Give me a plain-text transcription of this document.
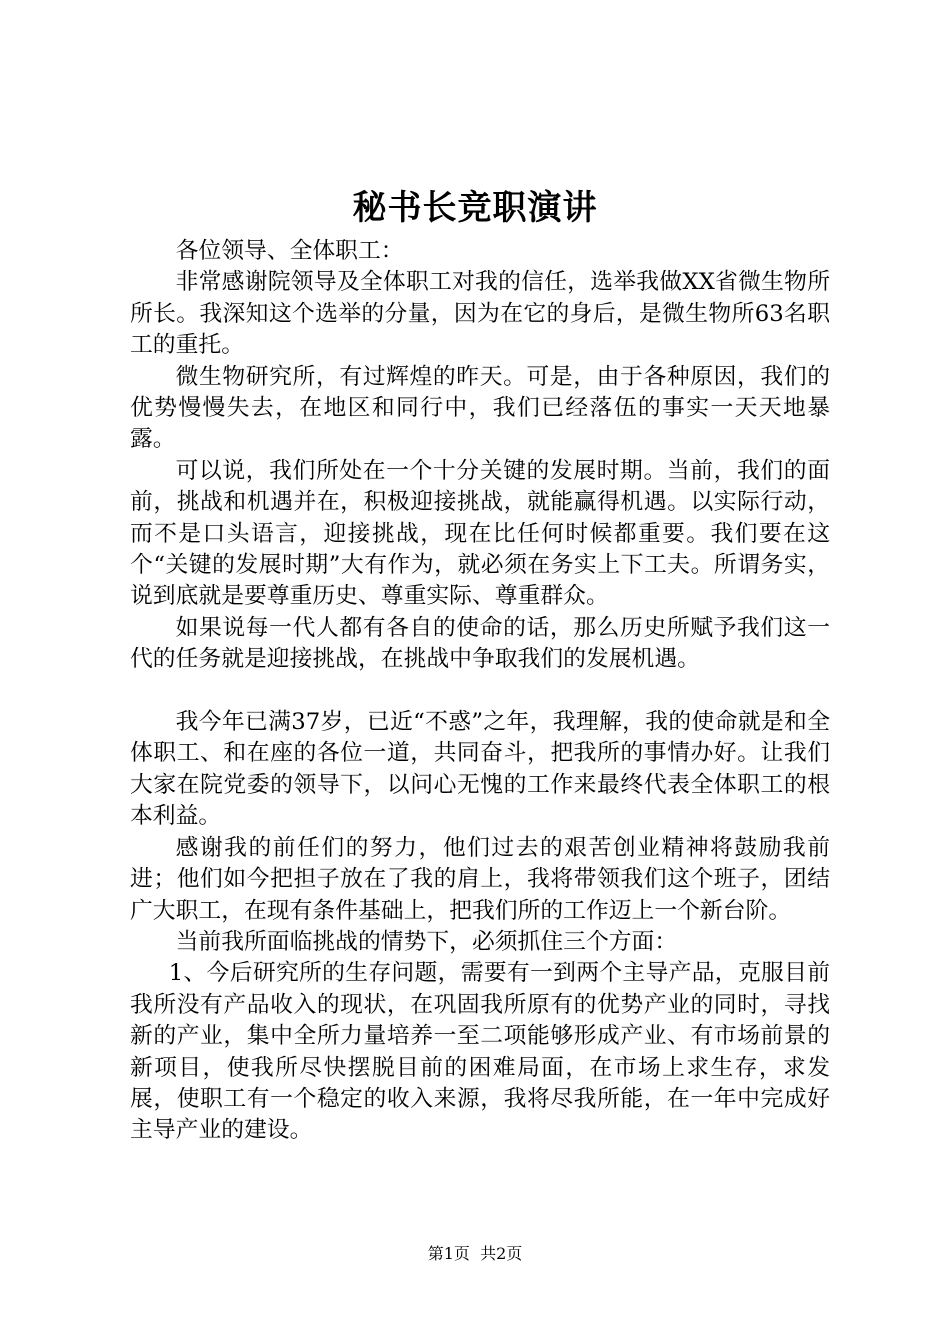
秘书长竞职演讲

各位领导、全体职工：

非常感谢院领导及全体职工对我的信任，选举我做XX省微生物所所长。我深知这个选举的分量，因为在它的身后，是微生物所63名职工的重托。

微生物研究所，有过辉煌的昨天。可是，由于各种原因，我们的优势慢慢失去，在地区和同行中，我们已经落伍的事实一天天地暴露。

可以说，我们所处在一个十分关键的发展时期。当前，我们的面前，挑战和机遇并在，积极迎接挑战，就能赢得机遇。以实际行动，而不是口头语言，迎接挑战，现在比任何时候都重要。我们要在这个“关键的发展时期”大有作为，就必须在务实上下工夫。所谓务实，说到底就是要尊重历史、尊重实际、尊重群众。

如果说每一代人都有各自的使命的话，那么历史所赋予我们这一代的任务就是迎接挑战，在挑战中争取我们的发展机遇。

我今年已满37岁，已近“不惑”之年，我理解，我的使命就是和全体职工、和在座的各位一道，共同奋斗，把我所的事情办好。让我们大家在院党委的领导下，以问心无愧的工作来最终代表全体职工的根本利益。

感谢我的前任们的努力，他们过去的艰苦创业精神将鼓励我前进；他们如今把担子放在了我的肩上，我将带领我们这个班子，团结广大职工，在现有条件基础上，把我们所的工作迈上一个新台阶。

当前我所面临挑战的情势下，必须抓住三个方面：

1、今后研究所的生存问题，需要有一到两个主导产品，克服目前我所没有产品收入的现状，在巩固我所原有的优势产业的同时，寻找新的产业，集中全所力量培养一至二项能够形成产业、有市场前景的新项目，使我所尽快摆脱目前的困难局面，在市场上求生存，求发展，使职工有一个稳定的收入来源，我将尽我所能，在一年中完成好主导产业的建设。

第1页  共2页
